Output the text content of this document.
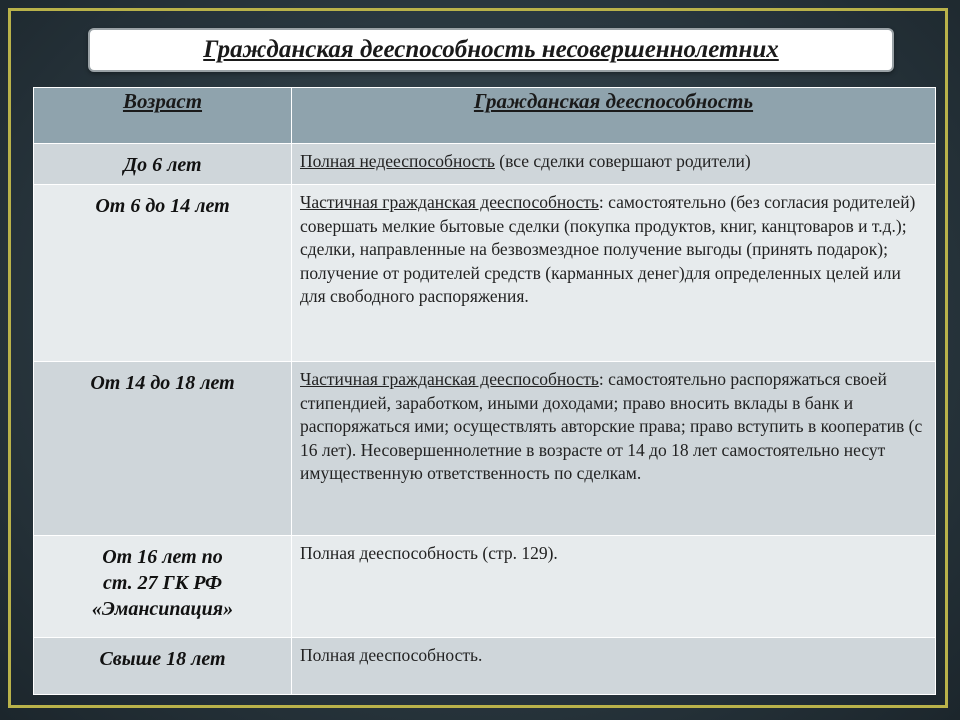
Гражданская дееспособность несовершеннолетних
Возраст	Гражданская дееспособность
До 6 лет	Полная недееспособность (все сделки совершают родители)
От 6 до 14 лет	Частичная гражданская дееспособность: самостоятельно (без согласия родителей) совершать мелкие бытовые сделки (покупка продуктов, книг, канцтоваров и т.д.); сделки, направленные на безвозмездное получение выгоды (принять подарок); получение от родителей средств (карманных денег)для определенных целей или для свободного распоряжения.
От 14 до 18 лет	Частичная гражданская дееспособность: самостоятельно распоряжаться своей стипендией, заработком, иными доходами; право вносить вклады в банк и распоряжаться ими; осуществлять авторские права; право вступить в кооператив (с 16 лет). Несовершеннолетние в возрасте от 14 до 18 лет самостоятельно несут имущественную ответственность по сделкам.

От 16 лет по
ст. 27 ГК РФ
«Эмансипация»	Полная дееспособность (стр. 129).
Свыше 18 лет	Полная дееспособность.
